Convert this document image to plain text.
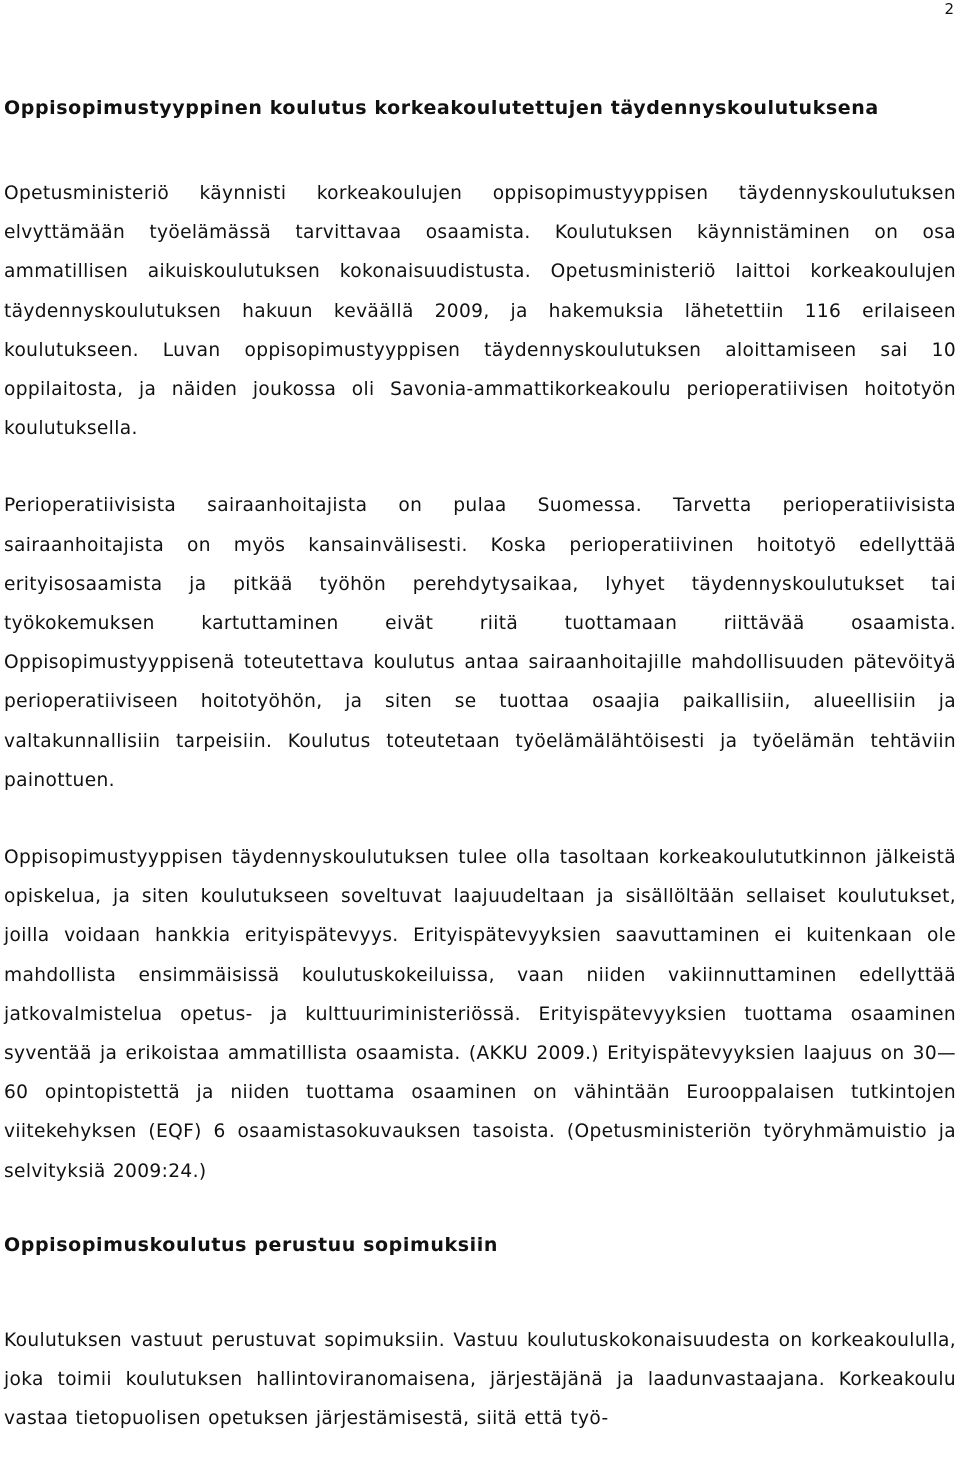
2
Oppisopimustyyppinen koulutus korkeakoulutettujen täydennyskoulutuksena

Opetusministeriö käynnisti korkeakoulujen oppisopimustyyppisen täydennyskoulutuksen elvyttämään työelämässä tarvittavaa osaamista. Koulutuksen käynnistäminen on osa ammatillisen aikuiskoulutuksen kokonaisuudistusta. Opetusministeriö laittoi korkeakoulujen täydennyskoulutuksen hakuun keväällä 2009, ja hakemuksia lähetettiin 116 erilaiseen koulutukseen. Luvan oppisopimustyyppisen täydennyskoulutuksen aloittamiseen sai 10 oppilaitosta, ja näiden joukossa oli Savonia-ammattikorkeakoulu perioperatiivisen hoitotyön koulutuksella.

Perioperatiivisista sairaanhoitajista on pulaa Suomessa. Tarvetta perioperatiivisista sairaanhoitajista on myös kansainvälisesti. Koska perioperatiivinen hoitotyö edellyttää erityisosaamista ja pitkää työhön perehdytysaikaa, lyhyet täydennyskoulutukset tai työkokemuksen kartuttaminen eivät riitä tuottamaan riittävää osaamista. Oppisopimustyyppisenä toteutettava koulutus antaa sairaanhoitajille mahdollisuuden pätevöityä perioperatiiviseen hoitotyöhön, ja siten se tuottaa osaajia paikallisiin, alueellisiin ja valtakunnallisiin tarpeisiin. Koulutus toteutetaan työelämälähtöisesti ja työelämän tehtäviin painottuen.

Oppisopimustyyppisen täydennyskoulutuksen tulee olla tasoltaan korkeakoulututkinnon jälkeistä opiskelua, ja siten koulutukseen soveltuvat laajuudeltaan ja sisällöltään sellaiset koulutukset, joilla voidaan hankkia erityispätevyys. Erityispätevyyksien saavuttaminen ei kuitenkaan ole mahdollista ensimmäisissä koulutuskokeiluissa, vaan niiden vakiinnuttaminen edellyttää jatkovalmistelua opetus- ja kulttuuriministeriössä. Erityispätevyyksien tuottama osaaminen syventää ja erikoistaa ammatillista osaamista. (AKKU 2009.) Erityispätevyyksien laajuus on 30—60 opintopistettä ja niiden tuottama osaaminen on vähintään Eurooppalaisen tutkintojen viitekehyksen (EQF) 6 osaamistasokuvauksen tasoista. (Opetusministeriön työryhmämuistio ja selvityksiä 2009:24.)

Oppisopimuskoulutus perustuu sopimuksiin

Koulutuksen vastuut perustuvat sopimuksiin. Vastuu koulutuskokonaisuudesta on korkeakoululla, joka toimii koulutuksen hallintoviranomaisena, järjestäjänä ja laadunvastaajana. Korkeakoulu vastaa tietopuolisen opetuksen järjestämisestä, siitä että työ-
